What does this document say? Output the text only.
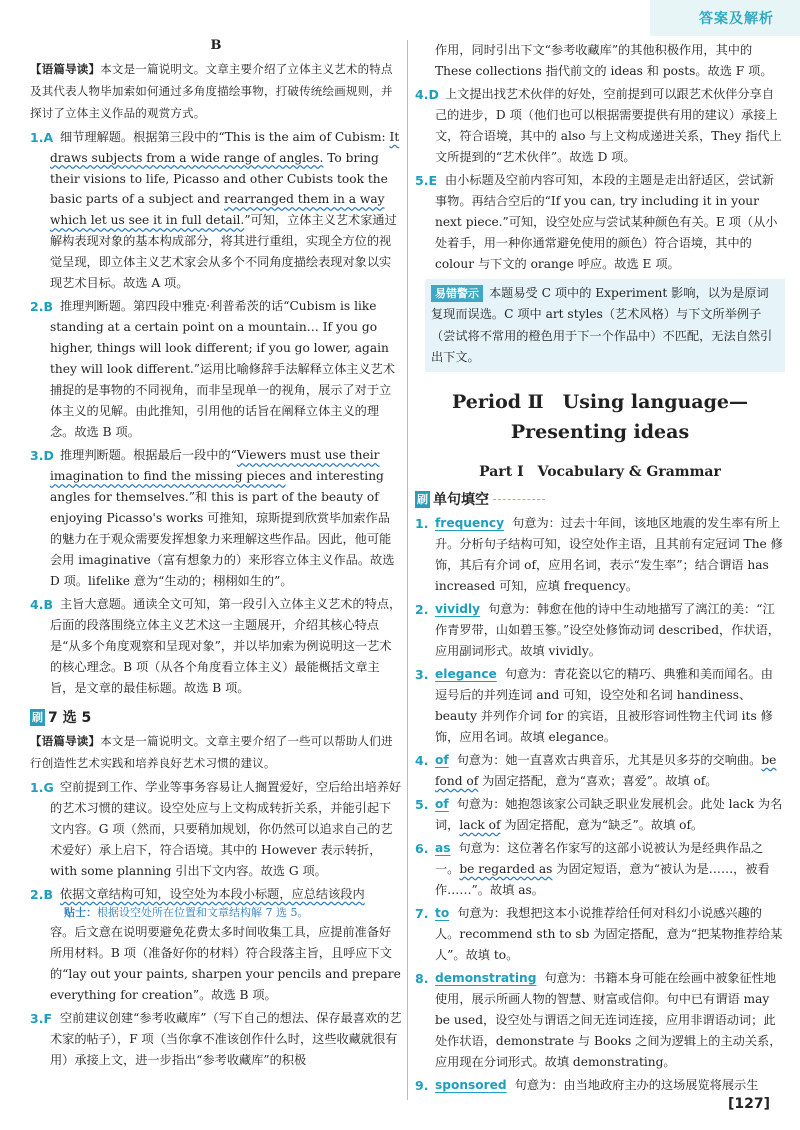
答案及解析
B
【语篇导读】本文是一篇说明文。文章主要介绍了立体主义艺术的特点及其代表人物毕加索如何通过多角度描绘事物，打破传统绘画规则，并探讨了立体主义作品的观赏方式。
1.A 细节理解题。根据第三段中的“This is the aim of Cubism: It draws subjects from a wide range of angles. To bring their visions to life, Picasso and other Cubists took the basic parts of a subject and rearranged them in a way which let us see it in full detail.”可知，立体主义艺术家通过解构表现对象的基本构成部分，将其进行重组，实现全方位的视觉呈现，即立体主义艺术家会从多个不同角度描绘表现对象以实现艺术目标。故选 A 项。
2.B 推理判断题。第四段中雅克·利普希茨的话“Cubism is like standing at a certain point on a mountain… If you go higher, things will look different; if you go lower, again they will look different.”运用比喻修辞手法解释立体主义艺术捕捉的是事物的不同视角，而非呈现单一的视角，展示了对于立体主义的见解。由此推知，引用他的话旨在阐释立体主义的理念。故选 B 项。
3.D 推理判断题。根据最后一段中的“Viewers must use their imagination to find the missing pieces and interesting angles for themselves.”和 this is part of the beauty of enjoying Picasso's works 可推知，琼斯提到欣赏毕加索作品的魅力在于观众需要发挥想象力来理解这些作品。因此，他可能会用 imaginative（富有想象力的）来形容立体主义作品。故选 D 项。lifelike 意为“生动的；栩栩如生的”。
4.B 主旨大意题。通读全文可知，第一段引入立体主义艺术的特点，后面的段落围绕立体主义艺术这一主题展开，介绍其核心特点是“从多个角度观察和呈现对象”，并以毕加索为例说明这一艺术的核心理念。B 项（从各个角度看立体主义）最能概括文章主旨，是文章的最佳标题。故选 B 项。
刷 7 选 5
【语篇导读】本文是一篇说明文。文章主要介绍了一些可以帮助人们进行创造性艺术实践和培养良好艺术习惯的建议。
1.G 空前提到工作、学业等事务容易让人搁置爱好，空后给出培养好的艺术习惯的建议。设空处应与上文构成转折关系，并能引起下文内容。G 项（然而，只要稍加规划，你仍然可以追求自己的艺术爱好）承上启下，符合语境。其中的 However 表示转折，with some planning 引出下文内容。故选 G 项。
2.B 依据文章结构可知，设空处为本段小标题，应总结该段内
贴士：根据设空处所在位置和文章结构解 7 选 5。
容。后文意在说明要避免花费太多时间收集工具，应提前准备好所用材料。B 项（准备好你的材料）符合段落主旨，且呼应下文的“lay out your paints, sharpen your pencils and prepare everything for creation”。故选 B 项。
3.F 空前建议创建“参考收藏库”（写下自己的想法、保存最喜欢的艺术家的帖子），F 项（当你拿不准该创作什么时，这些收藏就很有用）承接上文，进一步指出“参考收藏库”的积极
作用，同时引出下文“参考收藏库”的其他积极作用，其中的 These collections 指代前文的 ideas 和 posts。故选 F 项。
4.D 上文提出找艺术伙伴的好处，空前提到可以跟艺术伙伴分享自己的进步，D 项（他们也可以根据需要提供有用的建议）承接上文，符合语境，其中的 also 与上文构成递进关系，They 指代上文所提到的“艺术伙伴”。故选 D 项。
5.E 由小标题及空前内容可知，本段的主题是走出舒适区，尝试新事物。再结合空后的“If you can, try including it in your next piece.”可知，设空处应与尝试某种颜色有关。E 项（从小处着手，用一种你通常避免使用的颜色）符合语境，其中的 colour 与下文的 orange 呼应。故选 E 项。
易错警示 本题易受 C 项中的 Experiment 影响，以为是原词复现而误选。C 项中 art styles（艺术风格）与下文所举例子（尝试将不常用的橙色用于下一个作品中）不匹配，无法自然引出下文。
Period Ⅱ　Using language—
Presenting ideas
Part Ⅰ　Vocabulary & Grammar
刷 单句填空
1. frequency 句意为：过去十年间，该地区地震的发生率有所上升。分析句子结构可知，设空处作主语，且其前有定冠词 The 修饰，其后有介词 of，应用名词，表示“发生率”；结合谓语 has increased 可知，应填 frequency。
2. vividly 句意为：韩愈在他的诗中生动地描写了漓江的美：“江作青罗带，山如碧玉篸。”设空处修饰动词 described，作状语，应用副词形式。故填 vividly。
3. elegance 句意为：青花瓷以它的精巧、典雅和美而闻名。由逗号后的并列连词 and 可知，设空处和名词 handiness、beauty 并列作介词 for 的宾语，且被形容词性物主代词 its 修饰，应用名词。故填 elegance。
4. of 句意为：她一直喜欢古典音乐，尤其是贝多芬的交响曲。be fond of 为固定搭配，意为“喜欢；喜爱”。故填 of。
5. of 句意为：她抱怨该家公司缺乏职业发展机会。此处 lack 为名词，lack of 为固定搭配，意为“缺乏”。故填 of。
6. as 句意为：这位著名作家写的这部小说被认为是经典作品之一。be regarded as 为固定短语，意为“被认为是……，被看作……”。故填 as。
7. to 句意为：我想把这本小说推荐给任何对科幻小说感兴趣的人。recommend sth to sb 为固定搭配，意为“把某物推荐给某人”。故填 to。
8. demonstrating 句意为：书籍本身可能在绘画中被象征性地使用，展示所画人物的智慧、财富或信仰。句中已有谓语 may be used，设空处与谓语之间无连词连接，应用非谓语动词；此处作状语，demonstrate 与 Books 之间为逻辑上的主动关系，应用现在分词形式。故填 demonstrating。
9. sponsored 句意为：由当地政府主办的这场展览将展示生
[127]
